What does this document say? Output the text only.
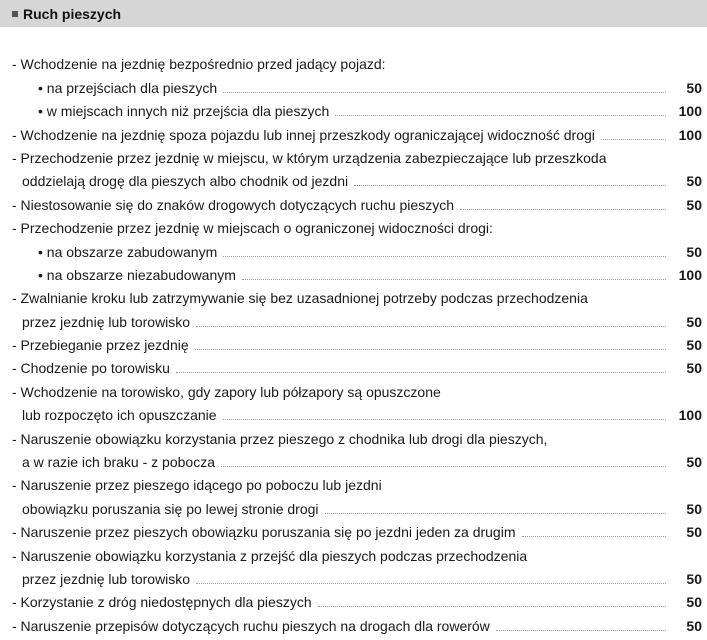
Ruch pieszych
- Wchodzenie na jezdnię bezpośrednio przed jadący pojazd:
• na przejściach dla pieszych	50
• w miejscach innych niż przejścia dla pieszych	100
- Wchodzenie na jezdnię spoza pojazdu lub innej przeszkody ograniczającej widoczność drogi	100
- Przechodzenie przez jezdnię w miejscu, w którym urządzenia zabezpieczające lub przeszkoda
oddzielają drogę dla pieszych albo chodnik od jezdni	50
- Niestosowanie się do znaków drogowych dotyczących ruchu pieszych	50
- Przechodzenie przez jezdnię w miejscach o ograniczonej widoczności drogi:
• na obszarze zabudowanym	50
• na obszarze niezabudowanym	100
- Zwalnianie kroku lub zatrzymywanie się bez uzasadnionej potrzeby podczas przechodzenia
przez jezdnię lub torowisko	50
- Przebieganie przez jezdnię	50
- Chodzenie po torowisku	50
- Wchodzenie na torowisko, gdy zapory lub półzapory są opuszczone
lub rozpoczęto ich opuszczanie	100
- Naruszenie obowiązku korzystania przez pieszego z chodnika lub drogi dla pieszych,
a w razie ich braku - z pobocza	50
- Naruszenie przez pieszego idącego po poboczu lub jezdni
obowiązku poruszania się po lewej stronie drogi	50
- Naruszenie przez pieszych obowiązku poruszania się po jezdni jeden za drugim	50
- Naruszenie obowiązku korzystania z przejść dla pieszych podczas przechodzenia
przez jezdnię lub torowisko	50
- Korzystanie z dróg niedostępnych dla pieszych	50
- Naruszenie przepisów dotyczących ruchu pieszych na drogach dla rowerów	50
